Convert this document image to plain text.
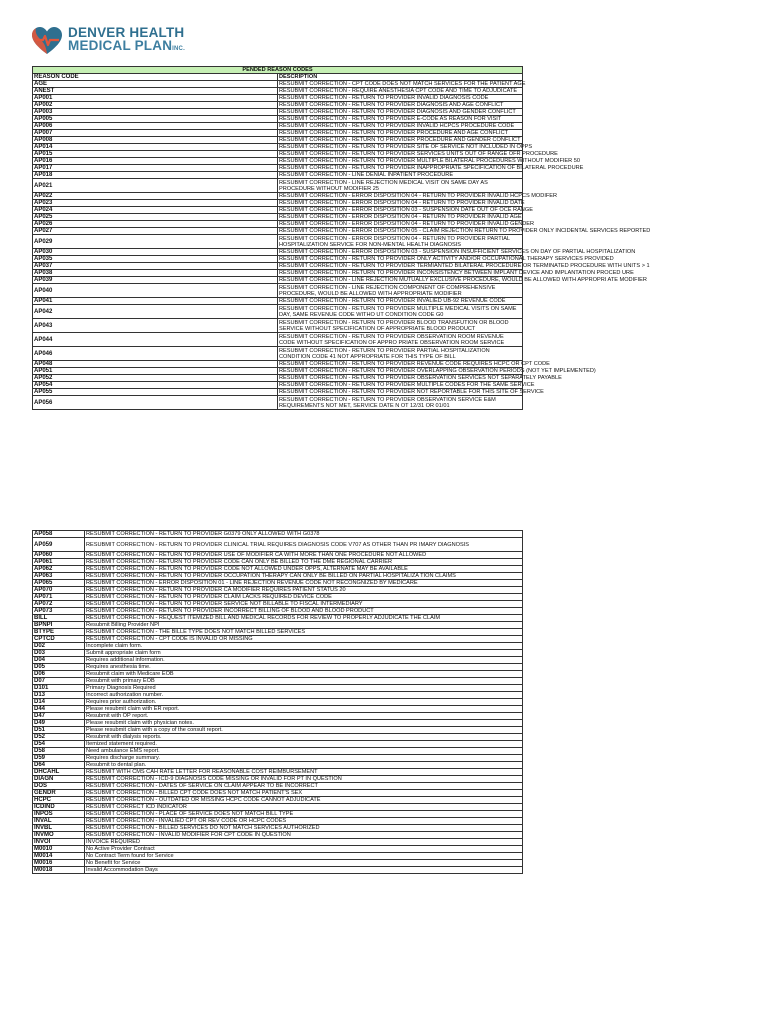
DENVER HEALTH
MEDICAL PLANINC.
PENDED REASON CODES	
REASON CODE	DESCRIPTION
AGE	RESUBMIT CORRECTION - CPT CODE DOES NOT MATCH SERVICES FOR THE PATIENT AGE
ANEST	RESUBMIT CORRECTION - REQUIRE ANESTHESIA CPT CODE AND TIME TO ADJUDICATE
AP001	RESUBMIT CORRECTION - RETURN TO PROVIDER INVALID DIAGNOSIS CODE
AP002	RESUBMIT CORRECTION - RETURN TO PROVIDER DIAGNOSIS AND AGE CONFLICT
AP003	RESUBMIT CORRECTION - RETURN TO PROVIDER DIAGNOSIS AND GENDER CONFLICT
AP005	RESUBMIT CORRECTION - RETURN TO PROVIDER E-CODE AS REASON FOR VISIT
AP006	RESUBMIT CORRECTION - RETURN TO PROVIDER INVALID HCPCS PROCEDURE CODE
AP007	RESUBMIT CORRECTION - RETURN TO PROVIDER PROCEDURE AND AGE CONFLICT
AP008	RESUBMIT CORRECTION - RETURN TO PROVIDER PROCEDURE AND GENDER CONFLICT
AP014	RESUBMIT CORRECTION - RETURN TO PROVIDER SITE OF SERVICE NOT INCLUDED IN OPPS
AP015	RESUBMIT CORRECTION - RETURN TO PROVIDER SERVICES UNITS OUT OF RANGE OFR PROCEDURE
AP016	RESUBMIT CORRECTION - RETURN TO PROVIDER MULTIPLE BILATERAL PROCEDURES WITHOUT MODIFIER 50
AP017	RESUBMIT CORRECTION - RETURN TO PROVIDER INAPPROPRIATE SPECIFICATION OF BILATERAL PROCEDURE
AP018	RESUBMIT CORRECTION - LINE DENIAL INPATIENT PROCEDURE
AP021	RESUBMIT CORRECTION - LINE REJECTION MEDICAL VISIT ON SAME DAY AS PROCEDURE WITHOUT MODIFIER 25
AP022	RESUBMIT CORRECTION - ERROR DISPOSITION 04 - RETURN TO PROVIDER INVALID HCPCS MODIFER
AP023	RESUBMIT CORRECTION - ERROR DISPOSITION 04 - RETURN TO PROVIDER INVALID DATE
AP024	RESUBMIT CORRECTION - ERROR DISPOSITION 03 - SUSPENSION DATE OUT OF OCE RANGE
AP025	RESUBMIT CORRECTION - ERROR DISPOSITION 04 - RETURN TO PROVIDER INVALID AGE
AP026	RESUBMIT CORRECTION - ERROR DISPOSITION 04 - RETURN TO PROVIDER INVALID GENDER
AP027	RESUBMIT CORRECTION - ERROR DISPOSITION 05 - CLAIM REJECTION RETURN TO PROVIDER ONLY INCIDENTAL SERVICES REPORTED
AP029	RESUBMIT CORRECTION - ERROR DISPOSITION 04 - RETURN TO PROVIDER PARTIAL HOSPITALIZATION SERVICE FOR NON-MENTAL HEALTH DIAGNOSIS
AP030	RESUBMIT CORRECTION - ERROR DISPOSITION 03 - SUSPENSION INSUFFICIENT SERVICES ON DAY OF PARTIAL HOSPITALIZATION
AP035	RESUBMIT CORRECTION - RETURN TO PROVIDER ONLY ACTIVITY AND/OR OCCUPATIONAL THERAPY SERVICES PROVIDED
AP037	RESUBMIT CORRECTION - RETURN TO PROVIDER TERMIANTED BILATERAL PROCEDURE OR TERMINATED PROCEDURE WITH UNITS > 1
AP038	RESUBMIT CORRECTION - RETURN TO PROVIDER INCONSISTENCY BETWEEN IMPLANT DEVICE AND IMPLANTATION PROCED URE
AP039	RESUBMIT CORRECTION - LINE REJECTION MUTUALLY EXCLUSIVE PROCEDURE, WOULD BE ALLOWED WITH APPROPRI ATE MODIFIER
AP040	RESUBMIT CORRECTION - LINE REJECTION COMPONENT OF COMPREHENSIVE PROCEDURE, WOULD BE ALLOWED WITH APPROPRIATE MODIFIER
AP041	RESUBMIT CORRECTION - RETURN TO PROVIDER INVALIED UB-92 REVENUE CODE
AP042	RESUBMIT CORRECTION - RETURN TO PROVIDER MULTIPLE MEDICAL VISITS ON SAME DAY, SAME REVENUE CODE WITHO UT CONDITION CODE G0
AP043	RESUBMIT CORRECTION - RETURN TO PROVIDER BLOOD TRANSFUTION OR BLOOD SERVICE WITHOUT SPECIFICATION OF APPROPRIATE BLOOD PRODUCT
AP044	RESUBMIT CORRECTION - RETURN TO PROVIDER OBSERVATION ROOM REVENUE CODE WITHOUT SPECIFICATION OF APPRO PRIATE OBSERVATION ROOM SERVICE
AP046	RESUBMIT CORRECTION - RETURN TO PROVIDER PARTIAL HOSPITALIZATION CONDITION CODE 41 NOT APPROPRIATE FOR THIS TYPE OF BILL
AP048	RESUBMIT CORRECTION - RETURN TO PROVIDER REVENUE CODE REQUIRES HCPC OR CPT CODE
AP051	RESUBMIT CORRECTION - RETURN TO PROVIDER OVERLAPPING OBSERVATION PERIODS (NOT YET IMPLEMENTED)
AP052	RESUBMIT CORRECTION - RETURN TO PROVIDER OBSERVATION SERVICES NOT SEPARATELY PAYABLE
AP054	RESUBMIT CORRECTION - RETURN TO PROVIDER MULTIPLE CODES FOR THE SAME SERVICE
AP055	RESUBMIT CORRECTION - RETURN TO PROVIDER NOT REPORTABLE FOR THIS SITE OF SERVICE
AP056	RESUBMIT CORRECTION - RETURN TO PROVIDER OBSERVATION SERVICE E&M REQUIREMENTS NOT MET, SERVICE DATE N OT 12/31 OR 01/01
AP058	RESUBMIT CORRECTION - RETURN TO PROVIDER G0379 ONLY ALLOWED WITH G0378
AP059	RESUBMIT CORRECTION - RETURN TO PROVIDER CLINICAL TRIAL REQUIRES DIAGNOSIS CODE V707 AS OTHER THAN PR IMARY DIAGNOSIS
AP060	RESUBMIT CORRECTION - RETURN TO PROVIDER USE OF MODIFIER CA WITH MORE THAN ONE PROCEDURE NOT ALLOWED
AP061	RESUBMIT CORRECTION - RETURN TO PROVIDER CODE CAN ONLY BE BILLED TO THE DME REGIONAL CARRIER
AP062	RESUBMIT CORRECTION - RETURN TO PROVIDER CODE NOT ALLOWED UNDER OPPS, ALTERNATE MAY BE AVAILABLE
AP063	RESUBMIT CORRECTION - RETURN TO PROVIDER OCCUPATION THERAPY CAN ONLY BE BILLED ON PARTIAL HOSPITALIZA TION CLAIMS
AP065	RESUBMIT CORRECTION - ERROR DISPOSITION 01 - LINE REJECTION REVENUE CODE NOT RECONGNIZED BY MEDICARE
AP070	RESUBMIT CORRECTION - RETURN TO PROVIDER CA MODIFIER REQUIRES PATIENT STATUS 20
AP071	RESUBMIT CORRECTION - RETURN TO PROVIDER CLAIM LACKS REQUIRED DEVICE CODE
AP072	RESUBMIT CORRECTION - RETURN TO PROVIDER SERVICE NOT BILLABLE TO FISCAL INTERMEDIARY
AP073	RESUBMIT CORRECTION - RETURN TO PROVIDER INCORRECT BILLING OF BLOOD AND BLOOD PRODUCT
BILL	RESUBMIT CORRECTION - REQUEST ITEMIZED BILL AND MEDICAL RECORDS FOR REVIEW TO PROPERLY ADJUDICATE THE CLAIM
BPNPI	Resubmit Billing Provider NPI
BTYPE	RESUBMIT CORRECTION - THE BILLE TYPE DOES NOT MATCH BILLED SERVICES
CPTCD	RESUBMIT CORRECTION - CPT CODE IS INVALID OR MISSING
D02	Incomplete claim form.
D03	Submit appropriate claim form
D04	Requires additional information.
D05	Requires anesthesia time.
D06	Resubmit claim with Medicare EOB
D07	Resubmit with primary EOB
D101	Primary Diagnosis Required
D13	Incorrect authorization number.
D14	Requires prior authorization.
D44	Please resubmit claim with ER report.
D47	Resubmit with OP report.
D49	Please resubmit claim with physician notes.
D51	Please resubmit claim with a copy of the consult report.
D52	Resubmit with dialysis reports.
D54	Itemized statement required.
D58	Need ambulance EMS report.
D59	Requires discharge summary.
D64	Resubmit to dental plan.
DHCAHL	RESUBMIT WITH CMS CAH RATE LETTER FOR REASONABLE COST REIMBURSEMENT
DIAGN	RESUBMIT CORRECTION - ICD-9 DIAGNOSIS CODE MISSING OR INVALID FOR PT IN QUESTION
DOS	RESUBMIT CORRECTION - DATES OF SERVICE ON CLAIM APPEAR TO BE INCORRECT
GENDR	RESUBMIT CORRECTION - BILLED CPT CODE DOES NOT MATCH PATIENT'S SEX
HCPC	RESUBMIT CORRECTION - OUTDATED OR MISSING HCPC CODE CANNOT ADJUDICATE
ICDIND	RESUBMIT CORRECT ICD INDICATOR
INPOS	RESUBMIT CORRECTION - PLACE OF SERVICE DOES NOT MATCH BILL TYPE
INVAL	RESUBMIT CORRECTION - INVALIED CPT OR REV CODE OR HCPC CODES
INVBL	RESUBMIT CORRECTION - BILLED SERVICES DO NOT MATCH SERVICES AUTHORIZED
INVMO	RESUBMIT CORRECTION - INVALID MODIFIER FOR CPT CODE IN QUESTION
INVOI	INVOICE REQUIRED
M0010	No Active Provider Contract
M0014	No Contract Term found for Service
M0016	No Benefit for Service
M0018	Invalid Accommodation Days
